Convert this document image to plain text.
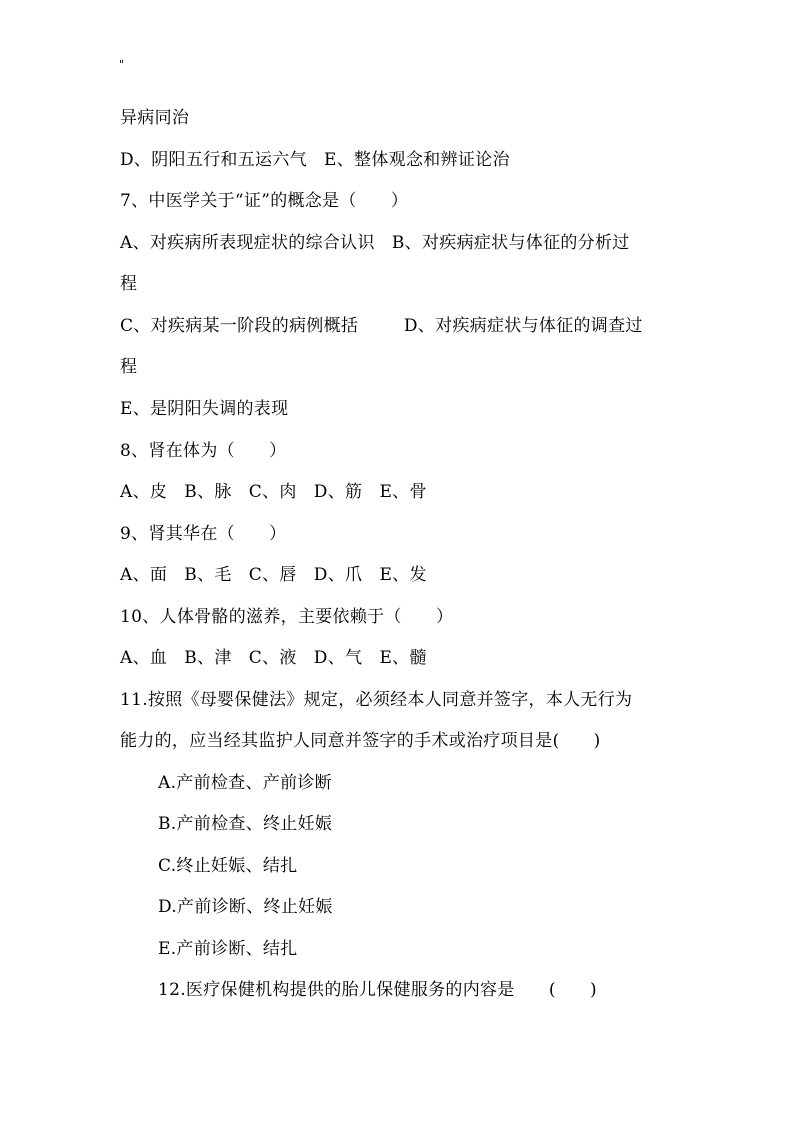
"
异病同治
D、阴阳五行和五运六气   E、整体观念和辨证论治
7、中医学关于“证”的概念是（      ）
A、对疾病所表现症状的综合认识   B、对疾病症状与体征的分析过
程
C、对疾病某一阶段的病例概括        D、对疾病症状与体征的调查过
程
E、是阴阳失调的表现
8、肾在体为（      ）
A、皮   B、脉   C、肉   D、筋   E、骨
9、肾其华在（      ）
A、面   B、毛   C、唇   D、爪   E、发
10、人体骨骼的滋养，主要依赖于（      ）
A、血   B、津   C、液   D、气   E、髓
11.按照《母婴保健法》规定，必须经本人同意并签字，本人无行为
能力的，应当经其监护人同意并签字的手术或治疗项目是(      )
A.产前检查、产前诊断
B.产前检查、终止妊娠
C.终止妊娠、结扎
D.产前诊断、终止妊娠
E.产前诊断、结扎
12.医疗保健机构提供的胎儿保健服务的内容是      (      )
